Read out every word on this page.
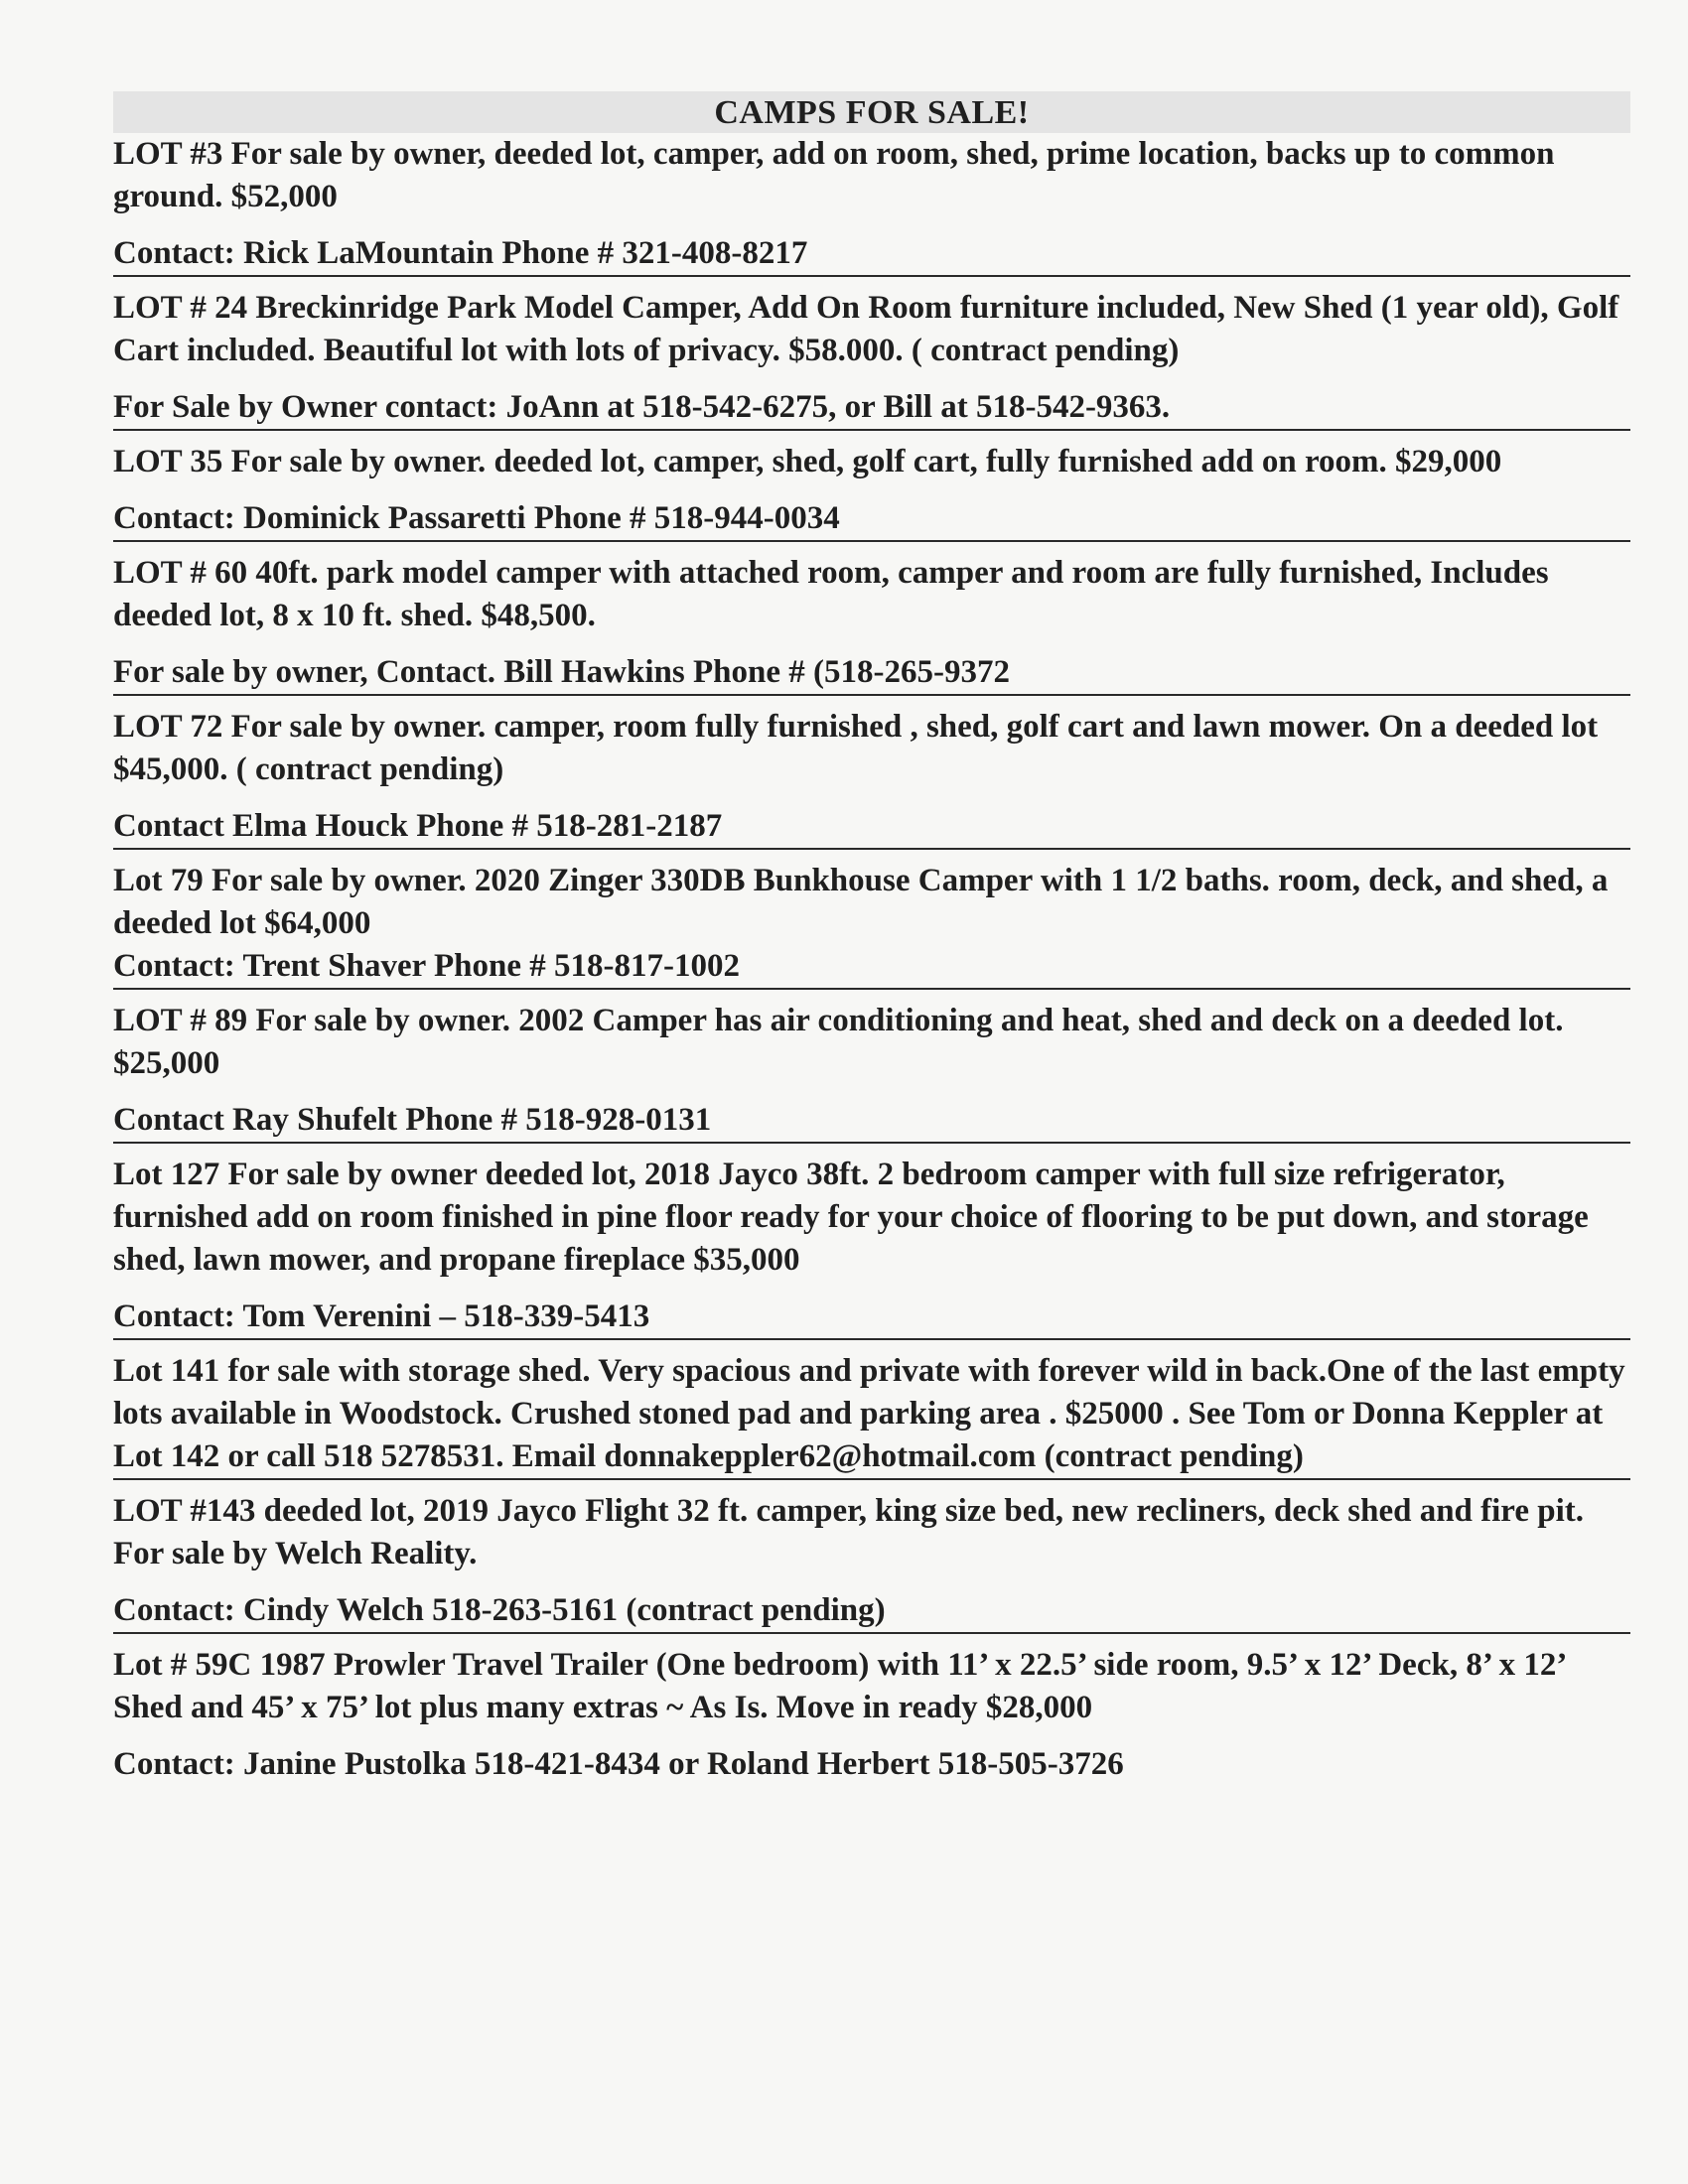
CAMPS FOR SALE!

LOT #3 For sale by owner, deeded lot, camper, add on room, shed, prime location, backs up to common ground. $52,000

Contact: Rick LaMountain Phone # 321-408-8217

LOT # 24 Breckinridge Park Model Camper, Add On Room furniture included, New Shed (1 year old), Golf Cart included. Beautiful lot with lots of privacy. $58.000. ( contract pending)

For Sale by Owner contact: JoAnn at 518-542-6275, or Bill at 518-542-9363.

LOT 35 For sale by owner. deeded lot, camper, shed, golf cart, fully furnished add on room. $29,000

Contact: Dominick Passaretti Phone # 518-944-0034

LOT # 60 40ft. park model camper with attached room, camper and room are fully furnished, Includes deeded lot, 8 x 10 ft. shed. $48,500.

For sale by owner, Contact. Bill Hawkins Phone # (518-265-9372

LOT 72 For sale by owner. camper, room fully furnished , shed, golf cart and lawn mower. On a deeded lot $45,000. ( contract pending)

Contact Elma Houck Phone # 518-281-2187

Lot 79 For sale by owner. 2020 Zinger 330DB Bunkhouse Camper with 1 1/2 baths. room, deck, and shed, a deeded lot $64,000

Contact: Trent Shaver Phone # 518-817-1002

LOT # 89 For sale by owner. 2002 Camper has air conditioning and heat, shed and deck on a deeded lot. $25,000

Contact Ray Shufelt Phone # 518-928-0131

Lot 127 For sale by owner deeded lot, 2018 Jayco 38ft. 2 bedroom camper with full size refrigerator, furnished add on room finished in pine floor ready for your choice of flooring to be put down, and storage shed, lawn mower, and propane fireplace $35,000

Contact: Tom Verenini – 518-339-5413

Lot 141 for sale with storage shed. Very spacious and private with forever wild in back.One of the last empty lots available in Woodstock. Crushed stoned pad and parking area . $25000 . See Tom or Donna Keppler at Lot 142 or call 518 5278531. Email donnakeppler62@hotmail.com (contract pending)

LOT #143 deeded lot, 2019 Jayco Flight 32 ft. camper, king size bed, new recliners, deck shed and fire pit. For sale by Welch Reality.

Contact: Cindy Welch 518-263-5161 (contract pending)

Lot # 59C 1987 Prowler Travel Trailer (One bedroom) with 11’ x 22.5’ side room, 9.5’ x 12’ Deck, 8’ x 12’ Shed and 45’ x 75’ lot plus many extras ~ As Is. Move in ready $28,000

Contact: Janine Pustolka 518-421-8434 or Roland Herbert 518-505-3726
